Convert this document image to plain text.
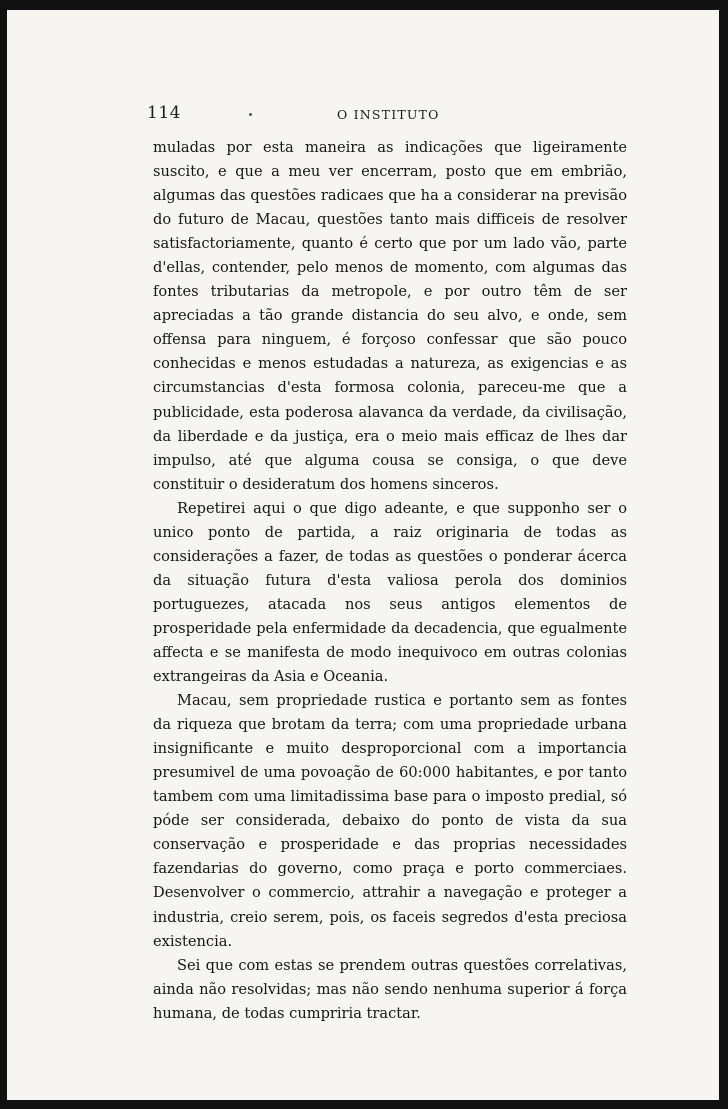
114	O INSTITUTO

muladas por esta maneira as indicações que ligeiramente suscito, e que a meu ver encerram, posto que em embrião, algumas das questões radicaes que ha a considerar na previsão do futuro de Macau, questões tanto mais difficeis de resolver satisfactoriamente, quanto é certo que por um lado vão, parte d'ellas, contender, pelo menos de momento, com algumas das fontes tributarias da metropole, e por outro têm de ser apreciadas a tão grande distancia do seu alvo, e onde, sem offensa para ninguem, é forçoso confessar que são pouco conhecidas e menos estudadas a natureza, as exigencias e as circumstancias d'esta formosa colonia, pareceu-me que a publicidade, esta poderosa alavanca da verdade, da civilisação, da liberdade e da justiça, era o meio mais efficaz de lhes dar impulso, até que alguma cousa se consiga, o que deve constituir o desideratum dos homens sinceros.

Repetirei aqui o que digo adeante, e que supponho ser o unico ponto de partida, a raiz originaria de todas as considerações a fazer, de todas as questões o ponderar ácerca da situação futura d'esta valiosa perola dos dominios portuguezes, atacada nos seus antigos elementos de prosperidade pela enfermidade da decadencia, que egualmente affecta e se manifesta de modo inequivoco em outras colonias extrangeiras da Asia e Oceania.

Macau, sem propriedade rustica e portanto sem as fontes da riqueza que brotam da terra; com uma propriedade urbana insignificante e muito desproporcional com a importancia presumivel de uma povoação de 60:000 habitantes, e por tanto tambem com uma limitadissima base para o imposto predial, só póde ser considerada, debaixo do ponto de vista da sua conservação e prosperidade e das proprias necessidades fazendarias do governo, como praça e porto commerciaes. Desenvolver o commercio, attrahir a navegação e proteger a industria, creio serem, pois, os faceis segredos d'esta preciosa existencia.

Sei que com estas se prendem outras questões correlativas, ainda não resolvidas; mas não sendo nenhuma superior á força humana, de todas cumpriria tractar.
